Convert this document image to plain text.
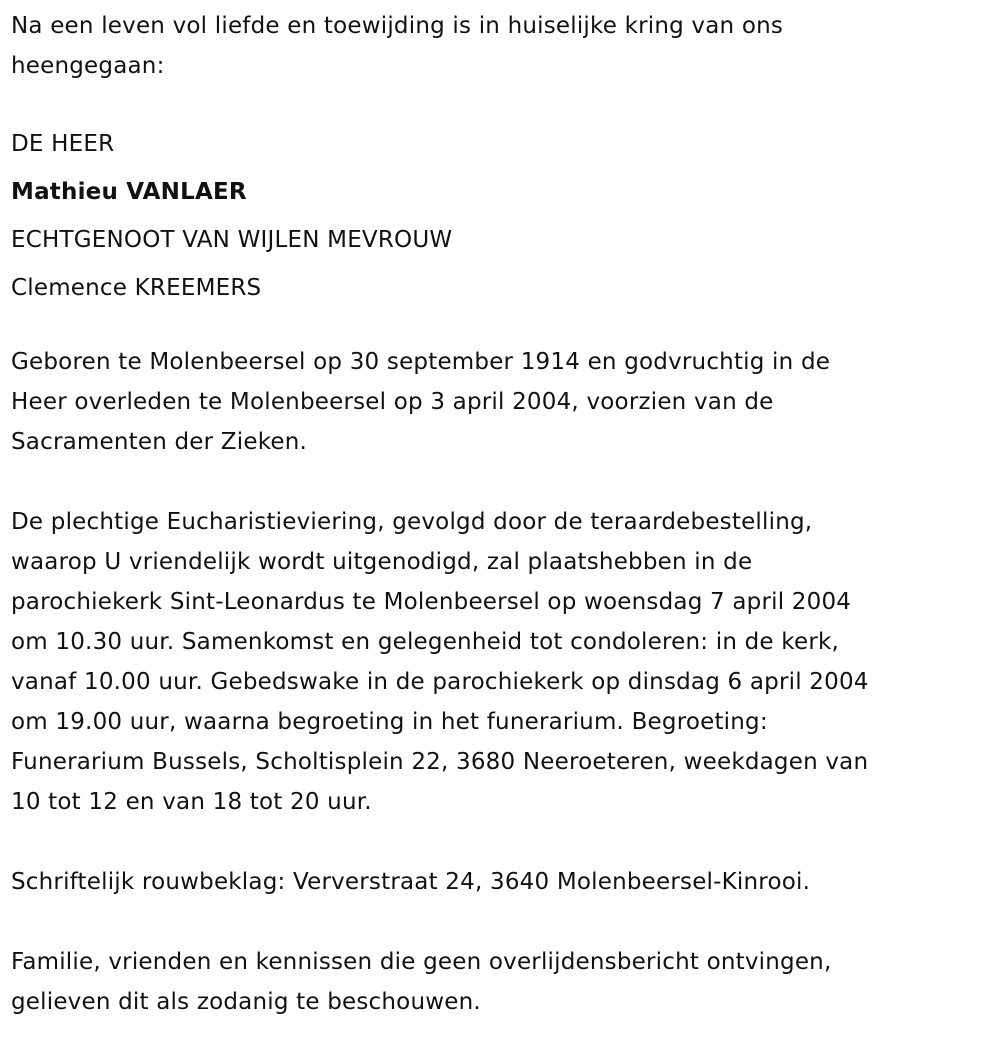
Na een leven vol liefde en toewijding is in huiselijke kring van ons
heengegaan:

DE HEER
Mathieu VANLAER
ECHTGENOOT VAN WIJLEN MEVROUW
Clemence KREEMERS

Geboren te Molenbeersel op 30 september 1914 en godvruchtig in de
Heer overleden te Molenbeersel op 3 april 2004, voorzien van de
Sacramenten der Zieken.

De plechtige Eucharistieviering, gevolgd door de teraardebestelling,
waarop U vriendelijk wordt uitgenodigd, zal plaatshebben in de
parochiekerk Sint-Leonardus te Molenbeersel op woensdag 7 april 2004
om 10.30 uur. Samenkomst en gelegenheid tot condoleren: in de kerk,
vanaf 10.00 uur. Gebedswake in de parochiekerk op dinsdag 6 april 2004
om 19.00 uur, waarna begroeting in het funerarium. Begroeting:
Funerarium Bussels, Scholtisplein 22, 3680 Neeroeteren, weekdagen van
10 tot 12 en van 18 tot 20 uur.

Schriftelijk rouwbeklag: Ververstraat 24, 3640 Molenbeersel-Kinrooi.

Familie, vrienden en kennissen die geen overlijdensbericht ontvingen,
gelieven dit als zodanig te beschouwen.
